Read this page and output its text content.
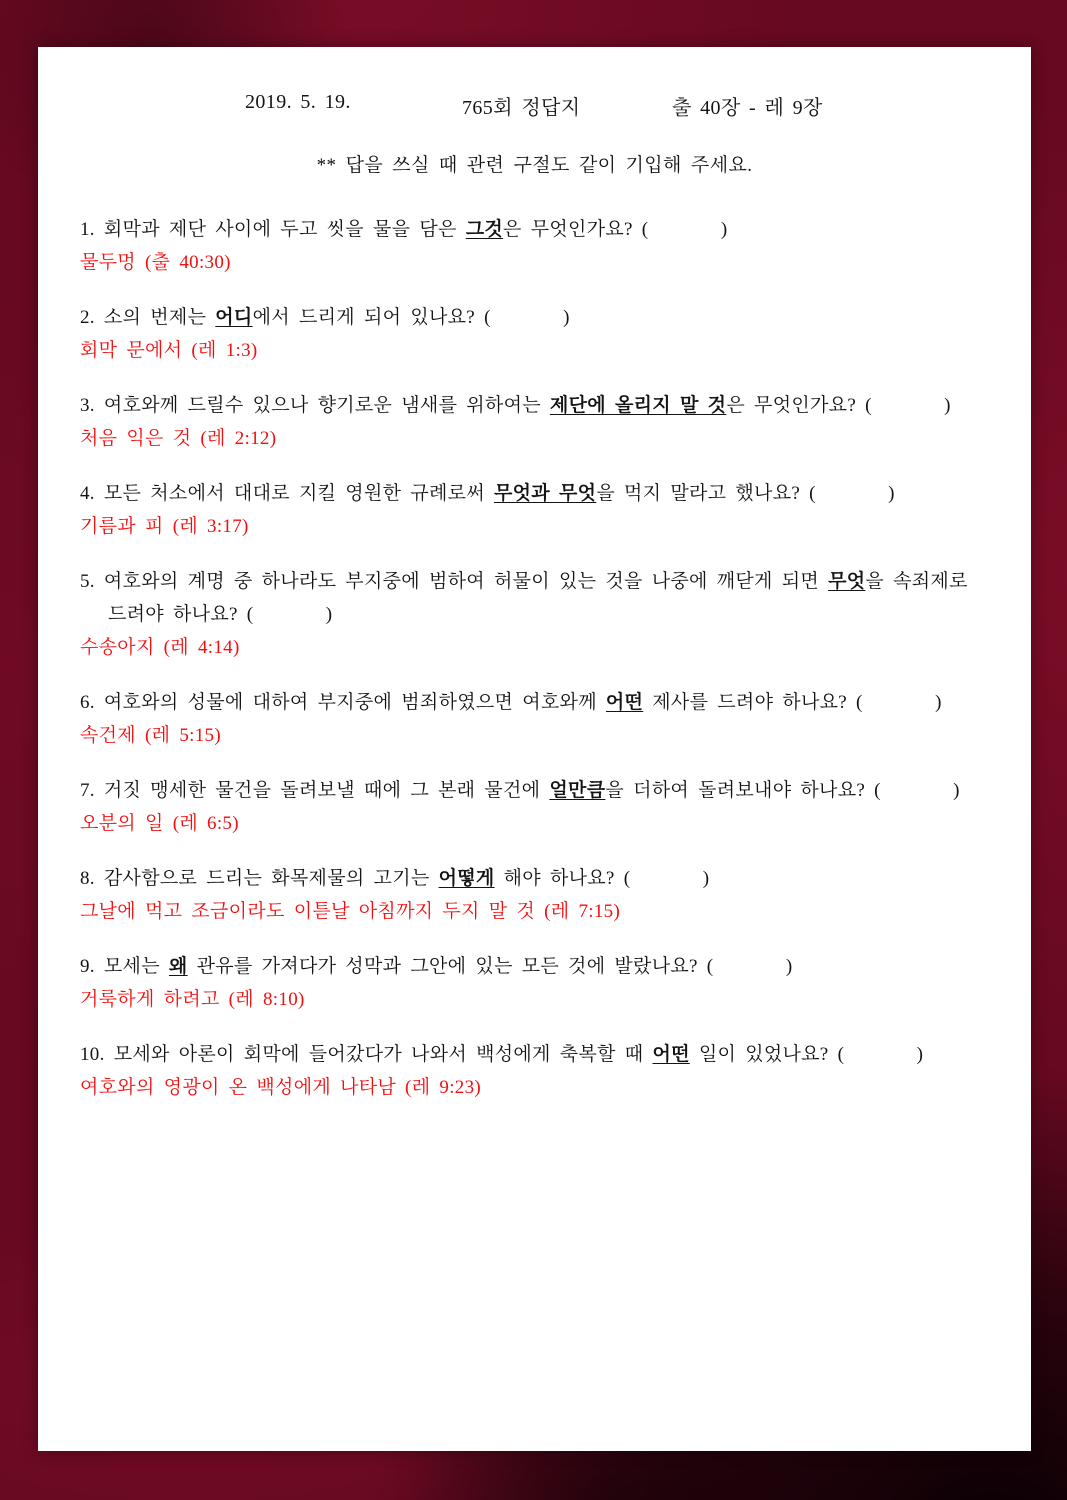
2019. 5. 19.

	765회 정답지

	출 40장 - 레 9장

** 답을 쓰실 때 관련 구절도 같이 기입해 주세요.
1. 회막과 제단 사이에 두고 씻을 물을 담은 그것은 무엇인가요? (        )
물두멍 (출 40:30)
2. 소의 번제는 어디에서 드리게 되어 있나요? (        )
회막 문에서 (레 1:3)
3. 여호와께 드릴수 있으나 향기로운 냄새를 위하여는 제단에 올리지 말 것은 무엇인가요? (        )
처음 익은 것 (레 2:12)
4. 모든 처소에서 대대로 지킬 영원한 규례로써 무엇과 무엇을 먹지 말라고 했나요? (        )
기름과 피 (레 3:17)
5. 여호와의 계명 중 하나라도 부지중에 범하여 허물이 있는 것을 나중에 깨닫게 되면 무엇을 속죄제로 드려야 하나요? (        )
수송아지 (레 4:14)
6. 여호와의 성물에 대하여 부지중에 범죄하였으면 여호와께 어떤 제사를 드려야 하나요? (        )
속건제 (레 5:15)
7. 거짓 맹세한 물건을 돌려보낼 때에 그 본래 물건에 얼만큼을 더하여 돌려보내야 하나요? (        )
오분의 일 (레 6:5)
8. 감사함으로 드리는 화목제물의 고기는 어떻게 해야 하나요? (        )
그날에 먹고 조금이라도 이튿날 아침까지 두지 말 것 (레 7:15)
9. 모세는 왜 관유를 가져다가 성막과 그안에 있는 모든 것에 발랐나요? (        )
거룩하게 하려고 (레 8:10)
10. 모세와 아론이 회막에 들어갔다가 나와서 백성에게 축복할 때 어떤 일이 있었나요? (        )
여호와의 영광이 온 백성에게 나타남 (레 9:23)
